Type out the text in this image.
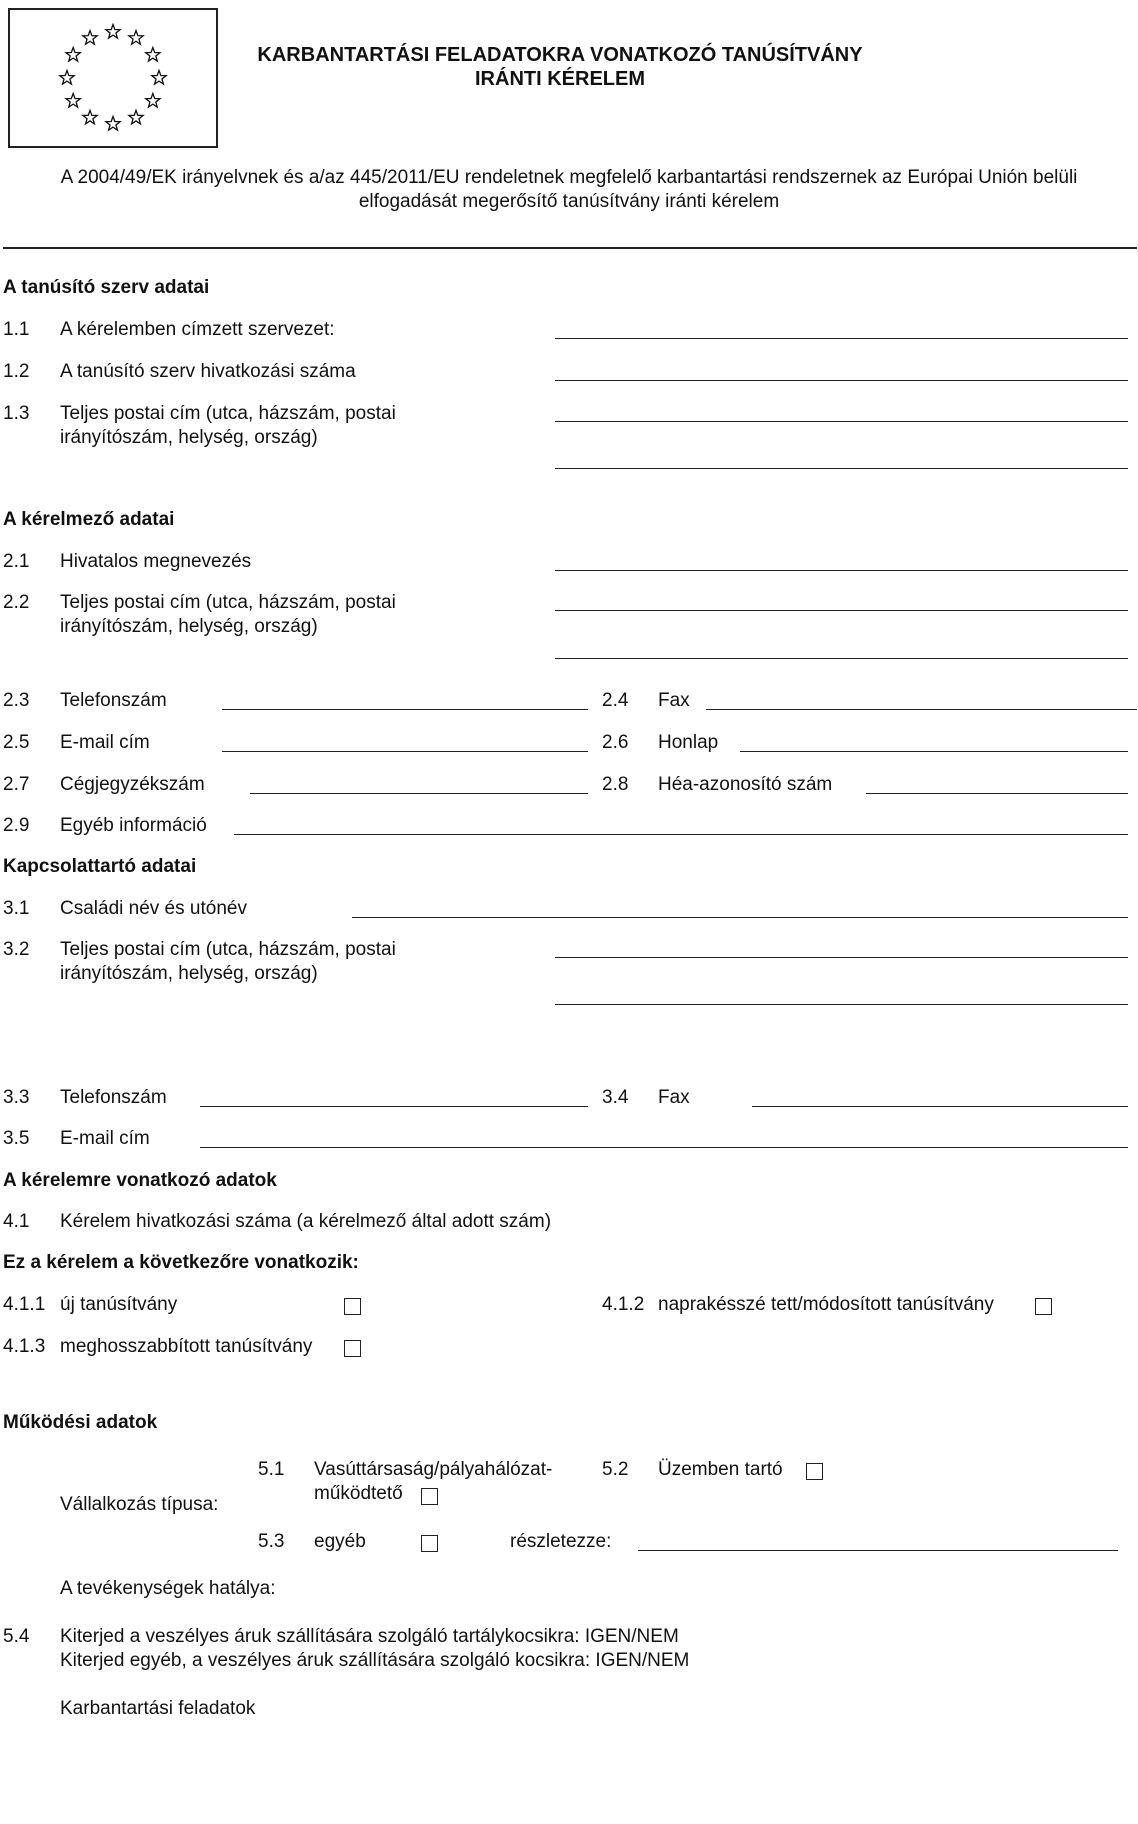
KARBANTARTÁSI FELADATOKRA VONATKOZÓ TANÚSÍTVÁNY
IRÁNTI KÉRELEM
A 2004/49/EK irányelvnek és a/az 445/2011/EU rendeletnek megfelelő karbantartási rendszernek az Európai Unión belüli
elfogadását megerősítő tanúsítvány iránti kérelem
A tanúsító szerv adatai
1.1 A kérelemben címzett szervezet:
1.2 A tanúsító szerv hivatkozási száma
1.3 Teljes postai cím (utca, házszám, postai
irányítószám, helység, ország)
A kérelmező adatai
2.1 Hivatalos megnevezés
2.2 Teljes postai cím (utca, házszám, postai
irányítószám, helység, ország)
2.3 Telefonszám	2.4 Fax
2.5 E-mail cím	2.6 Honlap
2.7 Cégjegyzékszám	2.8 Héa-azonosító szám
2.9 Egyéb információ
Kapcsolattartó adatai
3.1 Családi név és utónév
3.2 Teljes postai cím (utca, házszám, postai
irányítószám, helység, ország)
3.3 Telefonszám	3.4 Fax
3.5 E-mail cím
A kérelemre vonatkozó adatok
4.1 Kérelem hivatkozási száma (a kérelmező által adott szám)
Ez a kérelem a következőre vonatkozik:
4.1.1 új tanúsítvány	4.1.2 naprakésszé tett/módosított tanúsítvány
4.1.3 meghosszabbított tanúsítvány
Működési adatok
Vállalkozás típusa:
5.1 Vasúttársaság/pályahálózat-
működtető
5.2 Üzemben tartó
5.3 egyéb	részletezze:
A tevékenységek hatálya:
5.4 Kiterjed a veszélyes áruk szállítására szolgáló tartálykocsikra: IGEN/NEM
Kiterjed egyéb, a veszélyes áruk szállítására szolgáló kocsikra: IGEN/NEM
Karbantartási feladatok
